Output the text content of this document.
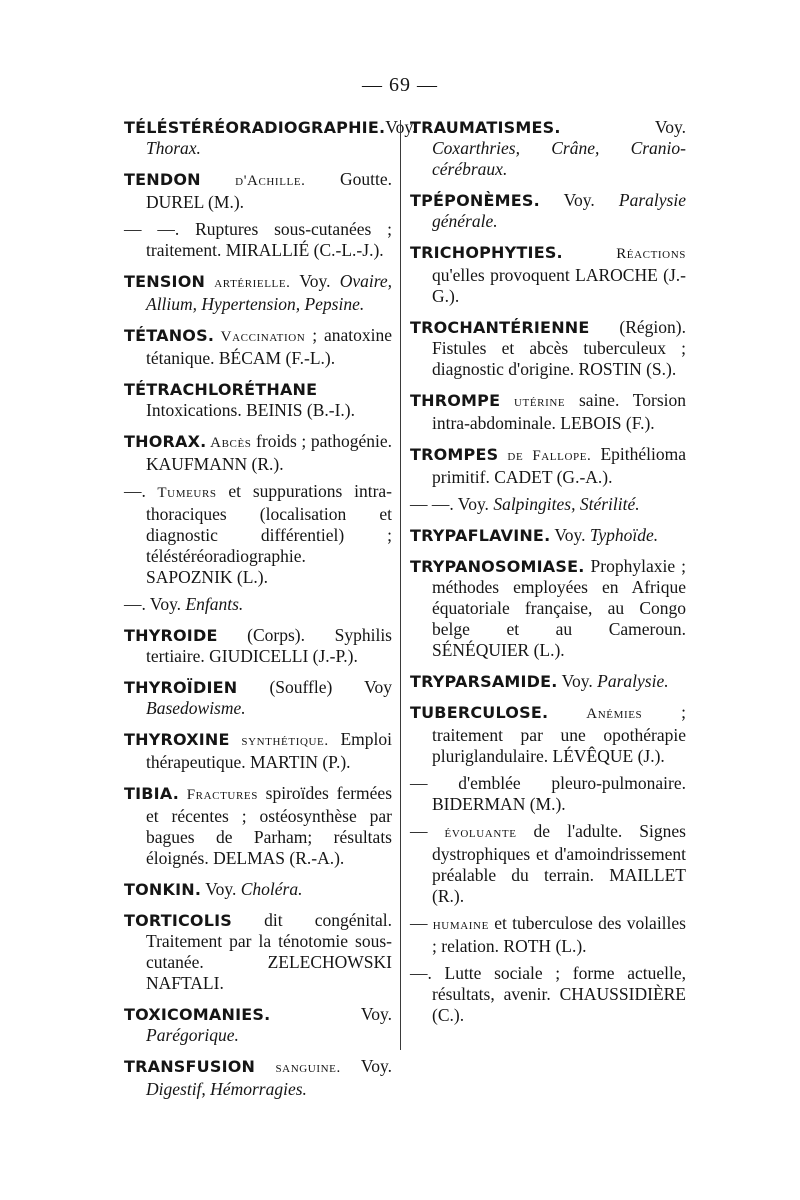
— 69 —

TÉLÉSTÉRÉORADIOGRAPHIE.Voy. Thorax.

TENDON d'Achille. Goutte. DUREL (M.).

— —. Ruptures sous-cutanées ; traitement. MIRALLIÉ (C.-L.-J.).

TENSION artérielle. Voy. Ovaire, Allium, Hypertension, Pepsine.

TÉTANOS. Vaccination ; anatoxine tétanique. BÉCAM (F.-L.).

TÉTRACHLORÉTHANE Intoxications. BEINIS (B.-I.).

THORAX. Abcès froids ; pathogénie. KAUFMANN (R.).

—. Tumeurs et suppurations intra-thoraciques (localisation et diagnostic différentiel) ; téléstéréoradiographie. SAPOZNIK (L.).

—. Voy. Enfants.

THYROIDE (Corps). Syphilis tertiaire. GIUDICELLI (J.-P.).

THYROÏDIEN (Souffle) Voy Basedowisme.

THYROXINE synthétique. Emploi thérapeutique. MARTIN (P.).

TIBIA. Fractures spiroïdes fermées et récentes ; ostéosynthèse par bagues de Parham; résultats éloignés. DELMAS (R.-A.).

TONKIN. Voy. Choléra.

TORTICOLIS dit congénital. Traitement par la ténotomie sous-cutanée. ZELECHOWSKI NAFTALI.

TOXICOMANIES. Voy. Parégorique.

TRANSFUSION sanguine. Voy. Digestif, Hémorragies.

TRAUMATISMES. Voy. Coxarthries, Crâne, Cranio-cérébraux.

TPÉPONÈMES. Voy. Paralysie générale.

TRICHOPHYTIES. Réactions qu'elles provoquent LAROCHE (J.-G.).

TROCHANTÉRIENNE (Région). Fistules et abcès tuberculeux ; diagnostic d'origine. ROSTIN (S.).

THROMPE utérine saine. Torsion intra-abdominale. LEBOIS (F.).

TROMPES de Fallope. Epithélioma primitif. CADET (G.-A.).

— —. Voy. Salpingites, Stérilité.

TRYPAFLAVINE. Voy. Typhoïde.

TRYPANOSOMIASE. Prophylaxie ; méthodes employées en Afrique équatoriale française, au Congo belge et au Cameroun. SÉNÉQUIER (L.).

TRYPARSAMIDE. Voy. Paralysie.

TUBERCULOSE. Anémies ; traitement par une opothérapie pluriglandulaire. LÉVÊQUE (J.).

— d'emblée pleuro-pulmonaire. BIDERMAN (M.).

— évoluante de l'adulte. Signes dystrophiques et d'amoindrissement préalable du terrain. MAILLET (R.).

— humaine et tuberculose des volailles ; relation. ROTH (L.).

—. Lutte sociale ; forme actuelle, résultats, avenir. CHAUSSIDIÈRE (C.).
